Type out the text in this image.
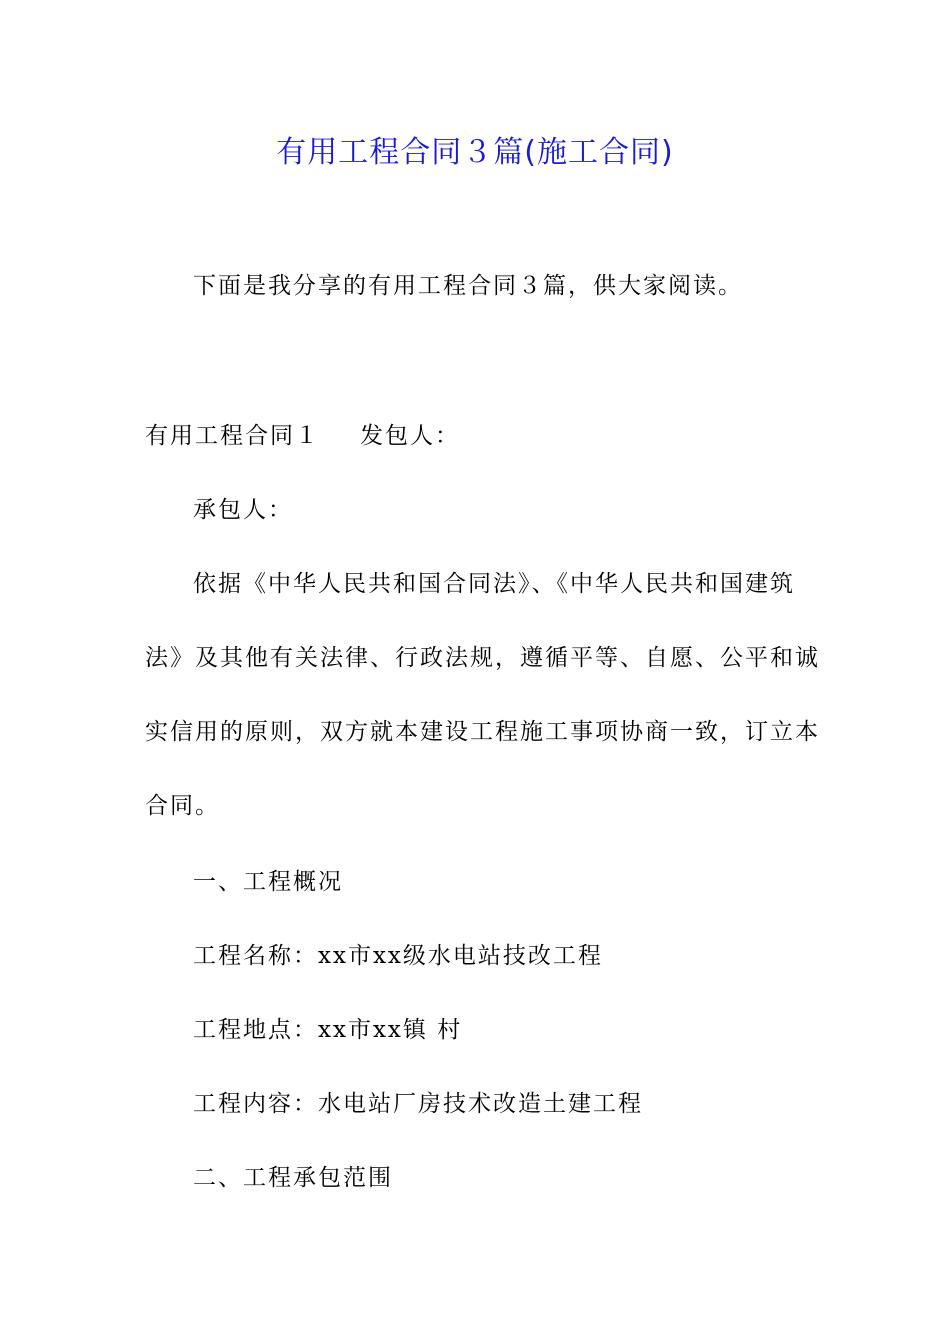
有用工程合同３篇(施工合同)
下面是我分享的有用工程合同３篇，供大家阅读。
有用工程合同１ 发包人：
承包人：
依据《中华人民共和国合同法》、《中华人民共和国建筑
法》及其他有关法律、行政法规，遵循平等、自愿、公平和诚
实信用的原则，双方就本建设工程施工事项协商一致，订立本
合同。
一、工程概况
工程名称：xx市xx级水电站技改工程
工程地点：xx市xx镇 村
工程内容：水电站厂房技术改造土建工程
二、工程承包范围
